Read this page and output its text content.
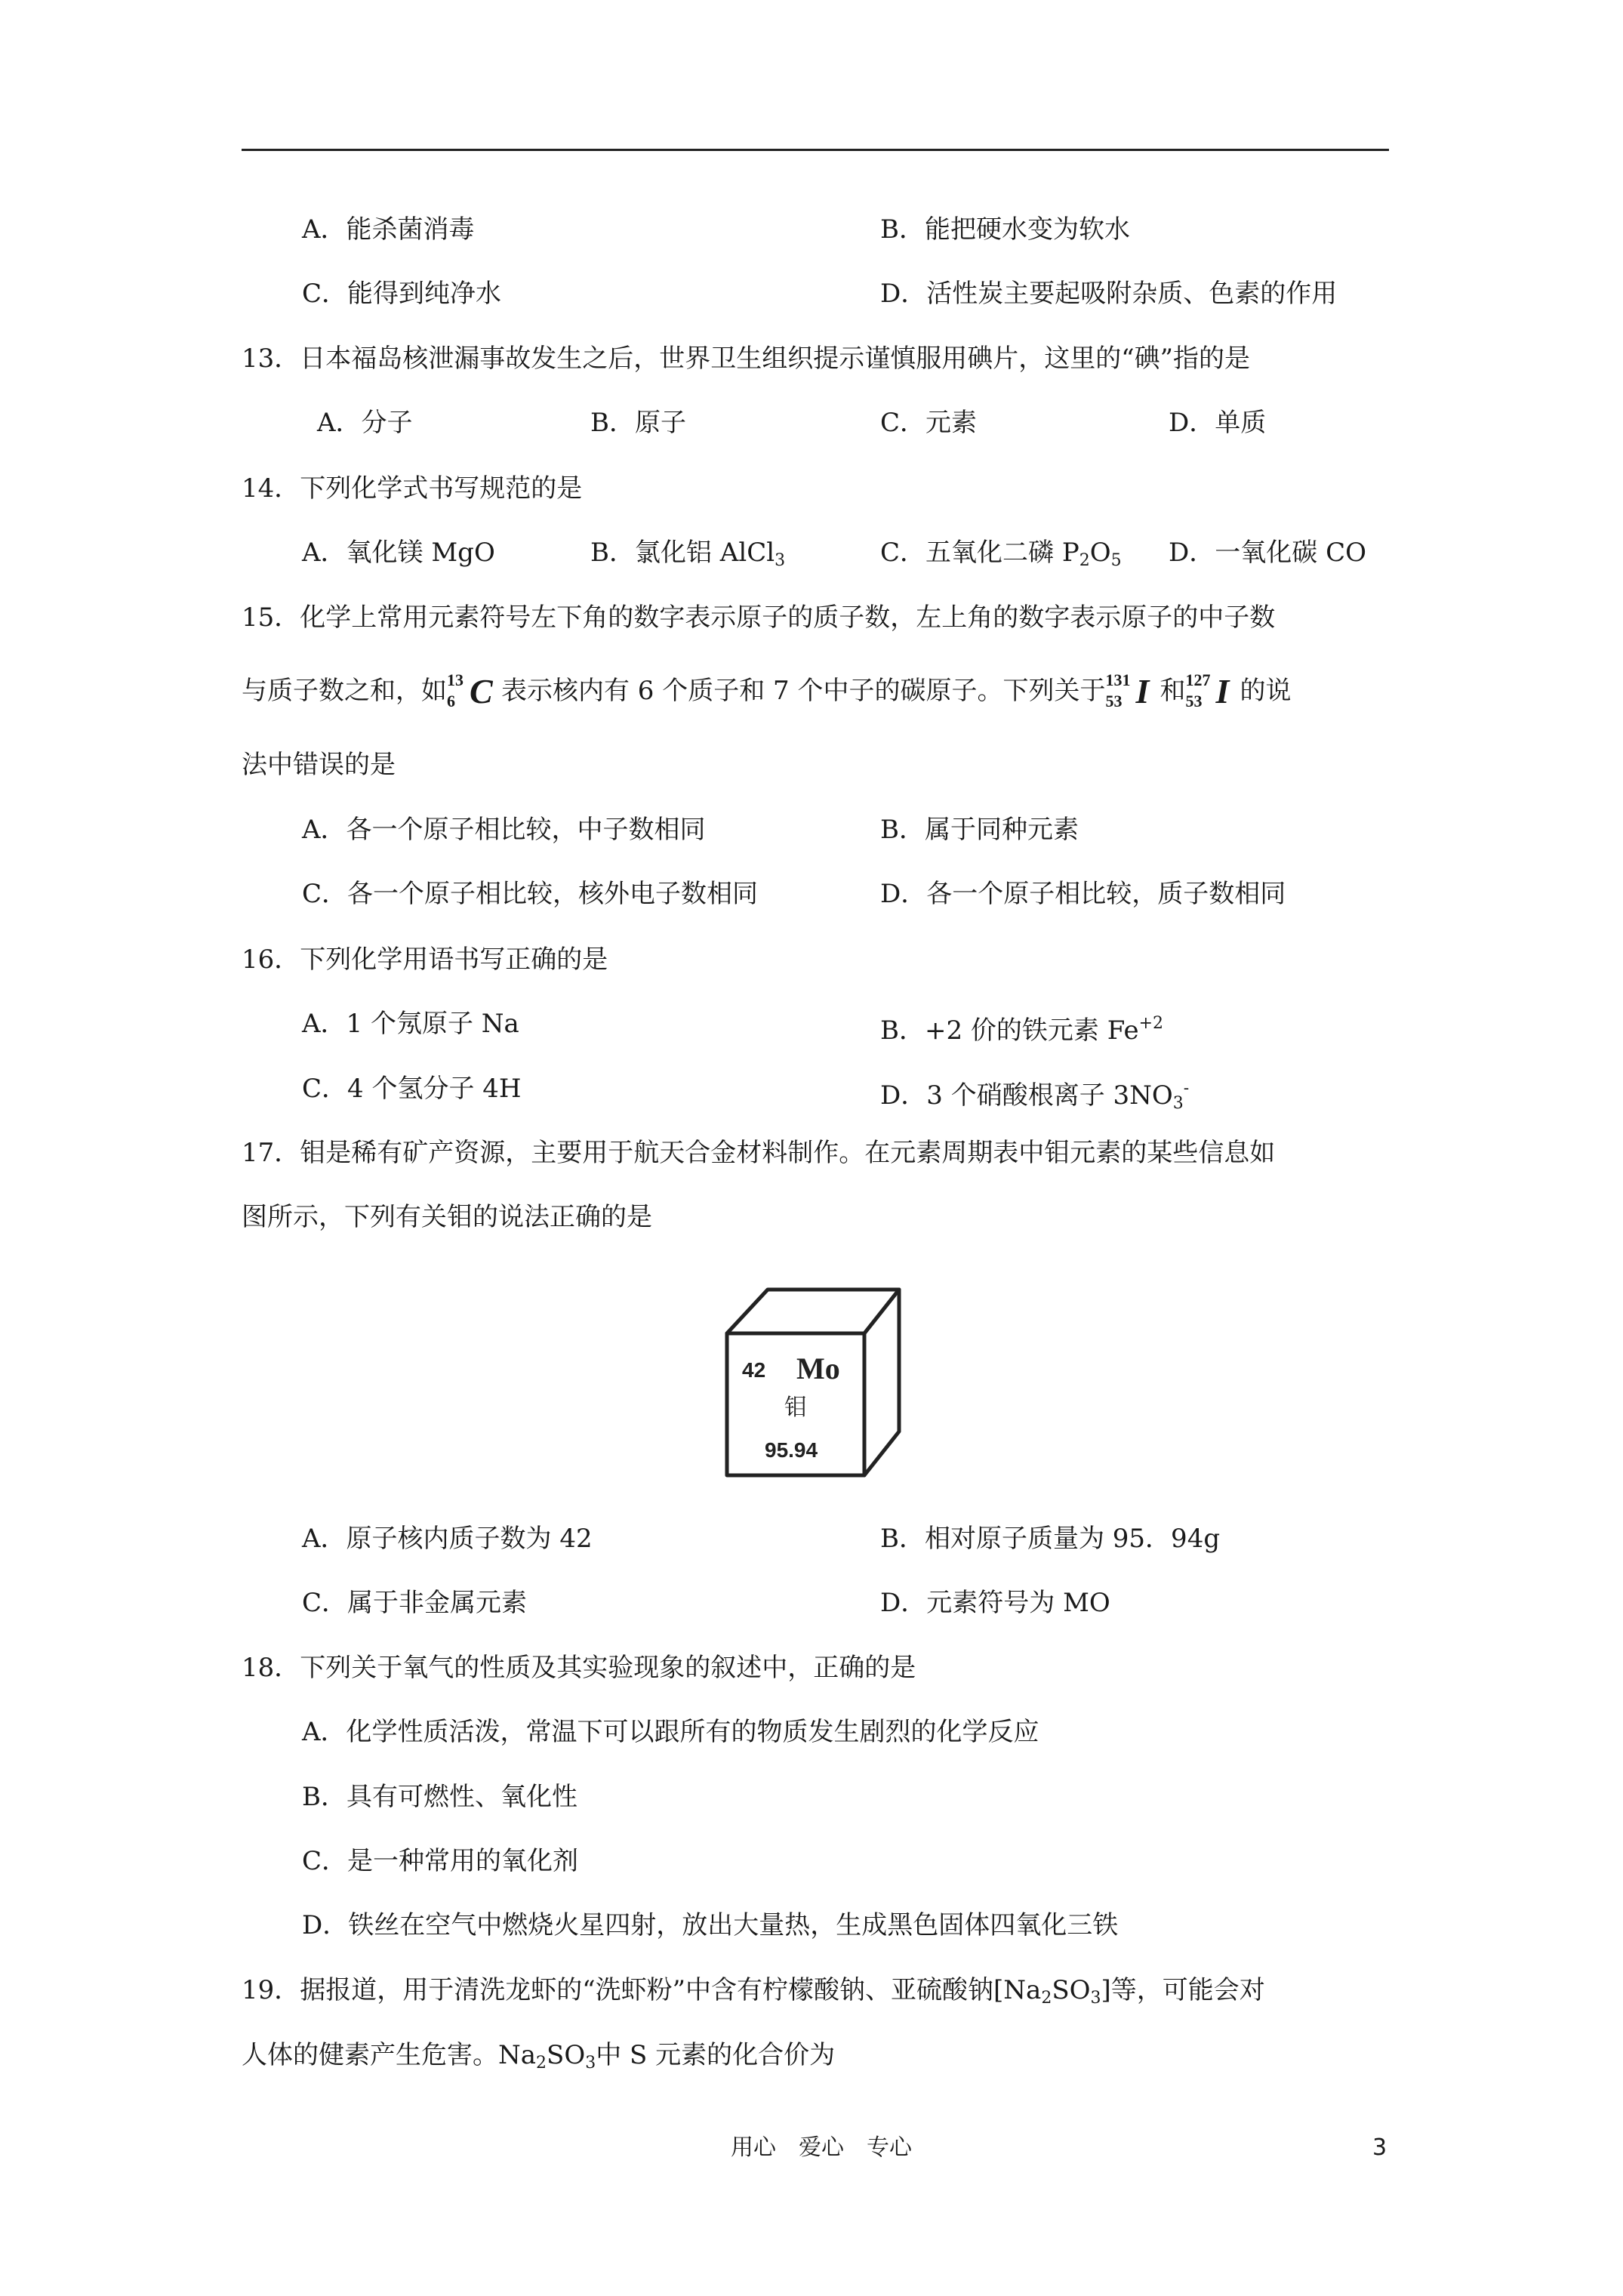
A．能杀菌消毒	B．能把硬水变为软水
C．能得到纯净水	D．活性炭主要起吸附杂质、色素的作用
13．日本福岛核泄漏事故发生之后，世界卫生组织提示谨慎服用碘片，这里的“碘”指的是
A．分子	B．原子	C．元素	D．单质
14．下列化学式书写规范的是
A．氧化镁 MgO	B．氯化铝 AlCl$_3$	C．五氧化二磷 $P_2O_5$ D．一氧化碳 CO
15．化学上常用元素符号左下角的数字表示原子的质子数，左上角的数字表示原子的中子数
与质子数之和，如 13
6 C 表示核内有 6 个质子和 7 个中子的碳原子。下列关于 131
53 I 和 127
53 I 的说
法中错误的是
A．各一个原子相比较，中子数相同	B．属于同种元素
C．各一个原子相比较，核外电子数相同	D．各一个原子相比较，质子数相同
16．下列化学用语书写正确的是
A．1 个氖原子 Na	B．+2 价的铁元素 $Fe^{+2}$
C．4 个氢分子 4H	D．3 个硝酸根离子 $3NO_3^-$
17．钼是稀有矿产资源，主要用于航天合金材料制作。在元素周期表中钼元素的某些信息如
图所示，下列有关钼的说法正确的是
42 Mo
钼
95.94
A．原子核内质子数为 42	B．相对原子质量为 95．94g
C．属于非金属元素	D．元素符号为 MO
18．下列关于氧气的性质及其实验现象的叙述中，正确的是
A．化学性质活泼，常温下可以跟所有的物质发生剧烈的化学反应
B．具有可燃性、氧化性
C．是一种常用的氧化剂
D．铁丝在空气中燃烧火星四射，放出大量热，生成黑色固体四氧化三铁
19．据报道，用于清洗龙虾的“洗虾粉”中含有柠檬酸钠、亚硫酸钠$[Na_2SO_3]$等，可能会对
人体的健素产生危害。$Na_2SO_3$中 S 元素的化合价为
用心　爱心　专心	3
